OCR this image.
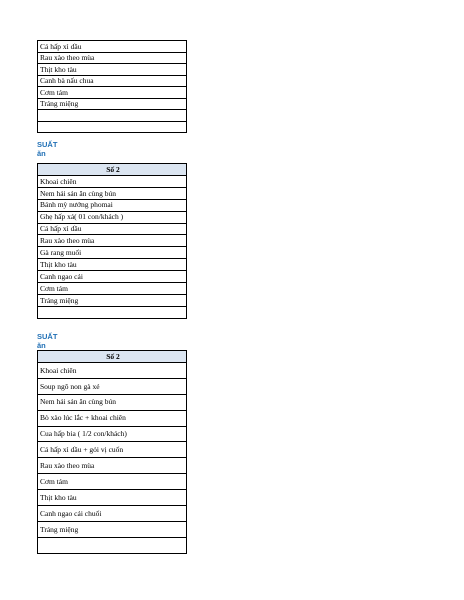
Cá hấp xì dầu
Rau xào theo mùa
Thịt kho tàu
Canh bà nấu chua
Cơm tám
Tráng miệng

SUẤT
ăn
Số 2
Khoai chiên
Nem hải sản ăn cùng bún
Bánh mỳ nướng phomai
Ghẹ hấp xả( 01 con/khách )
Cá hấp xì dầu
Rau xào theo mùa
Gà rang muối
Thịt kho tàu
Canh ngao cải
Cơm tám
Tráng miệng

SUẤT
ăn
Số 2
Khoai chiên
Soup ngô non gà xé
Nem hải sản ăn cùng bún
Bò xào lúc lắc + khoai chiên
Cua hấp bia ( 1/2 con/khách)
Cá hấp xì dầu + gỏi vị cuốn
Rau xào theo mùa
Cơm tám
Thịt kho tàu
Canh ngao cải chuối
Tráng miệng
